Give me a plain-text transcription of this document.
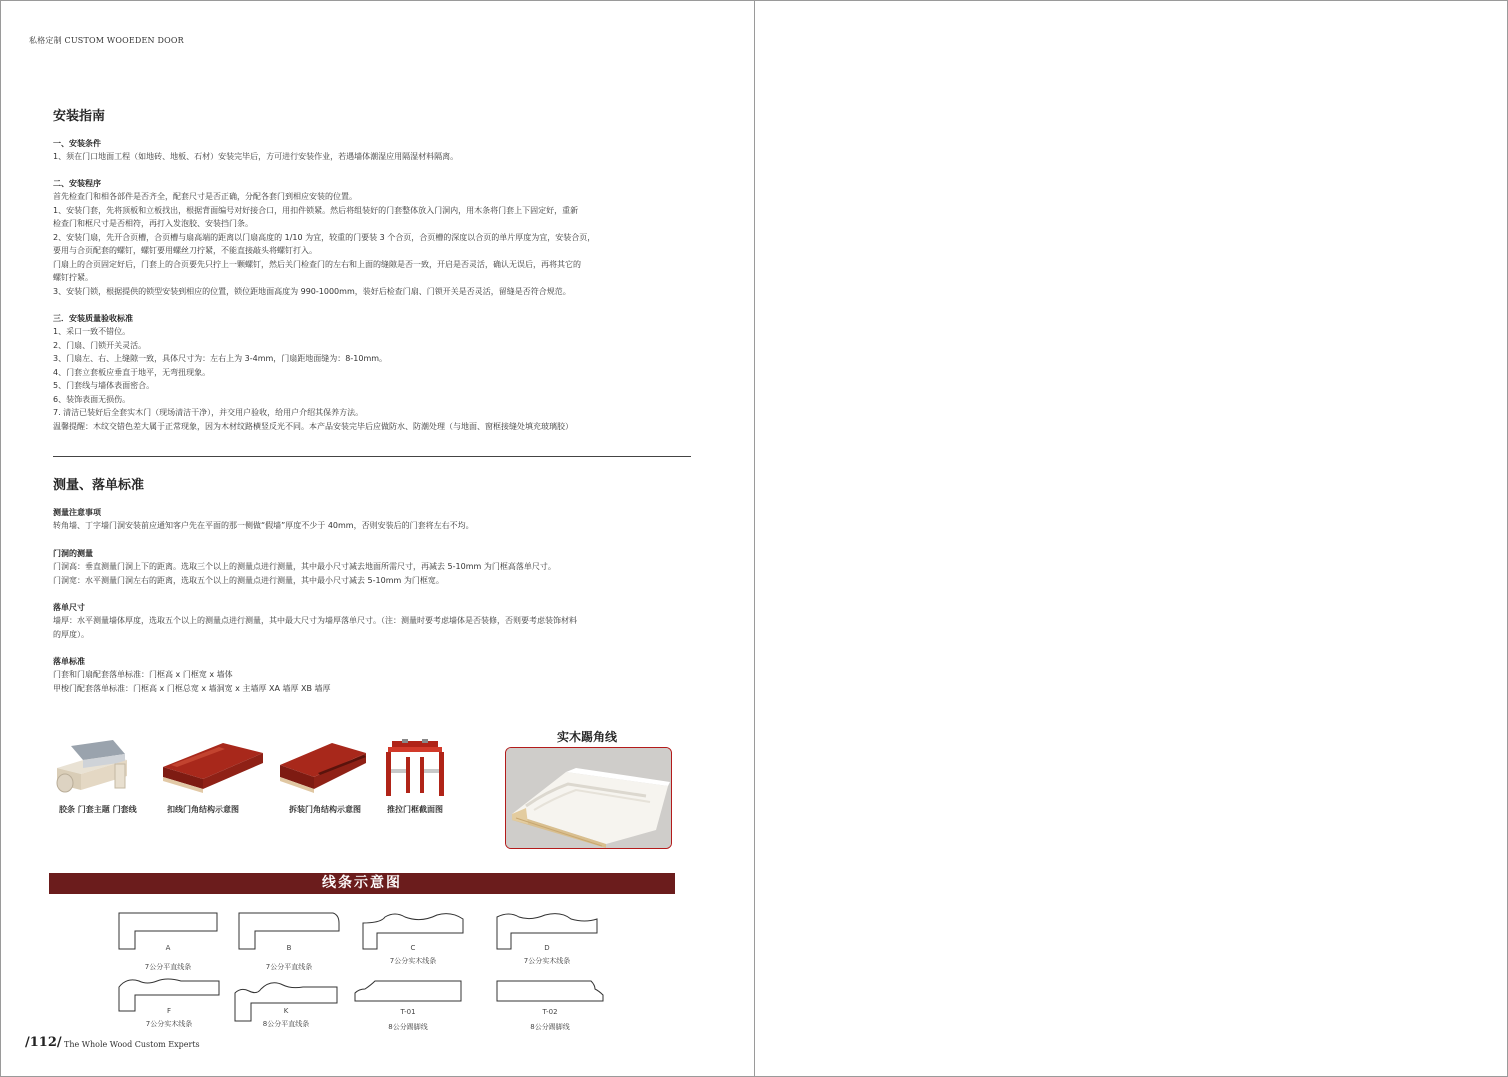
私格定制 CUSTOM WOOEDEN DOOR
安装指南
一、安装条件
1、须在门口地面工程（如地砖、地板、石材）安装完毕后，方可进行安装作业，若遇墙体潮湿应用隔湿材料隔离。
二、安装程序
首先检查门和相各部件是否齐全，配套尺寸是否正确，分配各套门到相应安装的位置。
1、安装门套，先将顶板和立板找出，根据背面编号对好接合口，用扣件锁紧。然后将组装好的门套整体放入门洞内，用木条将门套上下固定好，重新
检查门和框尺寸是否相符，再打入发泡胶、安装挡门条。
2、安装门扇，先开合页槽，合页槽与扇高端的距离以门扇高度的 1/10 为宜，较重的门要装 3 个合页，合页槽的深度以合页的单片厚度为宜，安装合页，
要用与合页配套的螺钉，螺钉要用螺丝刀拧紧，不能直接敲头将螺钉打入。
门扇上的合页固定好后，门套上的合页要先只拧上一颗螺钉，然后关门检查门的左右和上面的缝隙是否一致，开启是否灵活，确认无误后，再将其它的
螺钉拧紧。
3、安装门锁，根据提供的锁型安装到相应的位置，锁位距地面高度为 990-1000mm，装好后检查门扇、门锁开关是否灵活，留缝是否符合规范。
三．安装质量验收标准
1、采口一致不错位。
2、门扇、门锁开关灵活。
3、门扇左、右、上缝隙一致，具体尺寸为：左右上为 3-4mm，门扇距地面缝为：8-10mm。
4、门套立套板应垂直于地平，无弯扭现象。
5、门套线与墙体表面密合。
6、装饰表面无损伤。
7. 清洁已装好后全套实木门（现场清洁干净），并交用户验收，给用户介绍其保养方法。
温馨提醒：木纹交错色差大属于正常现象，因为木材纹路横竖反光不同。本产品安装完毕后应做防水、防潮处理（与地面、窗框接缝处填充玻璃胶）
测量、落单标准
测量注意事项
转角墙、丁字墙门洞安装前应通知客户先在平面的那一侧做“假墙”厚度不少于 40mm，否则安装后的门套将左右不均。
门洞的测量
门洞高：垂直测量门洞上下的距离。选取三个以上的测量点进行测量，其中最小尺寸减去地面所需尺寸，再减去 5-10mm 为门框高落单尺寸。
门洞宽：水平测量门洞左右的距离，选取五个以上的测量点进行测量，其中最小尺寸减去 5-10mm 为门框宽。
落单尺寸
墙厚：水平测量墙体厚度，选取五个以上的测量点进行测量，其中最大尺寸为墙厚落单尺寸。（注：测量时要考虑墙体是否装修，否则要考虑装饰材料
的厚度）。
落单标准
门套和门扇配套落单标准：门框高 x 门框宽 x 墙体
甲梭门配套落单标准：门框高 x 门框总宽 x 墙洞宽 x 主墙厚 XA 墙厚 XB 墙厚
胶条 门套主题 门套线	扣线门角结构示意图	拆装门角结构示意图	推拉门框截面图
实木踢角线
线条示意图
A
7公分平直线条
B
7公分平直线条
C
7公分实木线条
D
7公分实木线条
F
7公分实木线条
K
8公分平直线条
T-01
8公分踢脚线
T-02
8公分踢脚线
/112/ The Whole Wood Custom Experts
